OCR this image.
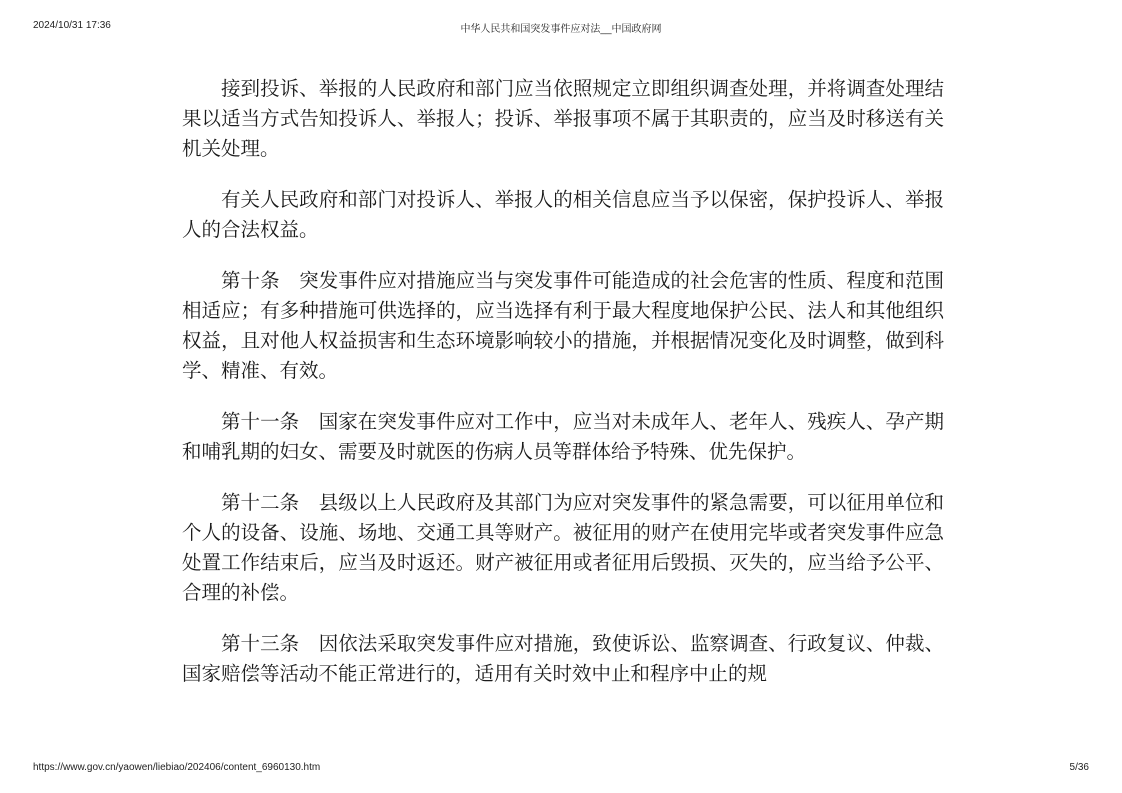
2024/10/31 17:36	中华人民共和国突发事件应对法__中国政府网

接到投诉、举报的人民政府和部门应当依照规定立即组织调查处理，并将调查处理结果以适当方式告知投诉人、举报人；投诉、举报事项不属于其职责的，应当及时移送有关机关处理。

有关人民政府和部门对投诉人、举报人的相关信息应当予以保密，保护投诉人、举报人的合法权益。

第十条　突发事件应对措施应当与突发事件可能造成的社会危害的性质、程度和范围相适应；有多种措施可供选择的，应当选择有利于最大程度地保护公民、法人和其他组织权益，且对他人权益损害和生态环境影响较小的措施，并根据情况变化及时调整，做到科学、精准、有效。

第十一条　国家在突发事件应对工作中，应当对未成年人、老年人、残疾人、孕产期和哺乳期的妇女、需要及时就医的伤病人员等群体给予特殊、优先保护。

第十二条　县级以上人民政府及其部门为应对突发事件的紧急需要，可以征用单位和个人的设备、设施、场地、交通工具等财产。被征用的财产在使用完毕或者突发事件应急处置工作结束后，应当及时返还。财产被征用或者征用后毁损、灭失的，应当给予公平、合理的补偿。

第十三条　因依法采取突发事件应对措施，致使诉讼、监察调查、行政复议、仲裁、国家赔偿等活动不能正常进行的，适用有关时效中止和程序中止的规

https://www.gov.cn/yaowen/liebiao/202406/content_6960130.htm	5/36
